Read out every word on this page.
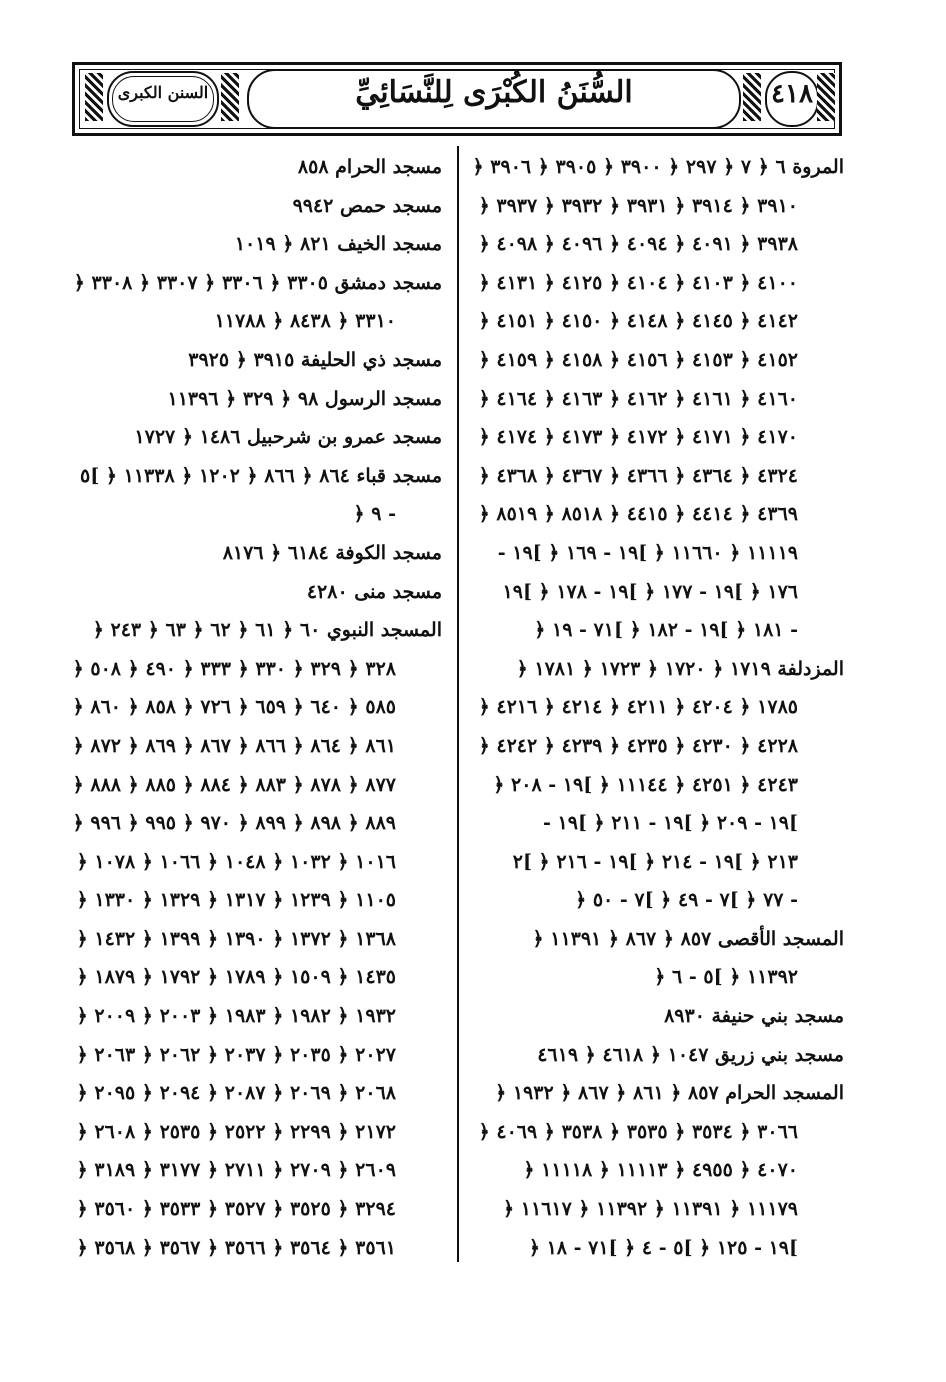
السنن الكبرى	السُّنَنُ الكُبْرَى لِلنَّسَائِيِّ	٤١٨
المروة ٦ ﴿ ٧ ﴿ ٢٩٧ ﴿ ٣٩٠٠ ﴿ ٣٩٠٥ ﴿ ٣٩٠٦ ﴿
٣٩١٠ ﴿ ٣٩١٤ ﴿ ٣٩٣١ ﴿ ٣٩٣٢ ﴿ ٣٩٣٧ ﴿
٣٩٣٨ ﴿ ٤٠٩١ ﴿ ٤٠٩٤ ﴿ ٤٠٩٦ ﴿ ٤٠٩٨ ﴿
٤١٠٠ ﴿ ٤١٠٣ ﴿ ٤١٠٤ ﴿ ٤١٢٥ ﴿ ٤١٣١ ﴿
٤١٤٢ ﴿ ٤١٤٥ ﴿ ٤١٤٨ ﴿ ٤١٥٠ ﴿ ٤١٥١ ﴿
٤١٥٢ ﴿ ٤١٥٣ ﴿ ٤١٥٦ ﴿ ٤١٥٨ ﴿ ٤١٥٩ ﴿
٤١٦٠ ﴿ ٤١٦١ ﴿ ٤١٦٢ ﴿ ٤١٦٣ ﴿ ٤١٦٤ ﴿
٤١٧٠ ﴿ ٤١٧١ ﴿ ٤١٧٢ ﴿ ٤١٧٣ ﴿ ٤١٧٤ ﴿
٤٣٢٤ ﴿ ٤٣٦٤ ﴿ ٤٣٦٦ ﴿ ٤٣٦٧ ﴿ ٤٣٦٨ ﴿
٤٣٦٩ ﴿ ٤٤١٤ ﴿ ٤٤١٥ ﴿ ٨٥١٨ ﴿ ٨٥١٩ ﴿
١١١١٩ ﴿ ١١٦٦٠ ﴿ ]١٩ - ١٦٩ ﴿ ]١٩ -
١٧٦ ﴿ ]١٩ - ١٧٧ ﴿ ]١٩ - ١٧٨ ﴿ ]١٩
- ١٨١ ﴿ ]١٩ - ١٨٢ ﴿ ]٧١ - ١٩ ﴿
المزدلفة ١٧١٩ ﴿ ١٧٢٠ ﴿ ١٧٢٣ ﴿ ١٧٨١ ﴿
١٧٨٥ ﴿ ٤٢٠٤ ﴿ ٤٢١١ ﴿ ٤٢١٤ ﴿ ٤٢١٦ ﴿
٤٢٢٨ ﴿ ٤٢٣٠ ﴿ ٤٢٣٥ ﴿ ٤٢٣٩ ﴿ ٤٢٤٢ ﴿
٤٢٤٣ ﴿ ٤٢٥١ ﴿ ١١١٤٤ ﴿ ]١٩ - ٢٠٨ ﴿
]١٩ - ٢٠٩ ﴿ ]١٩ - ٢١١ ﴿ ]١٩ -
٢١٣ ﴿ ]١٩ - ٢١٤ ﴿ ]١٩ - ٢١٦ ﴿ ]٢
- ٧٧ ﴿ ]٧ - ٤٩ ﴿ ]٧ - ٥٠ ﴿
المسجد الأقصى ٨٥٧ ﴿ ٨٦٧ ﴿ ١١٣٩١ ﴿
١١٣٩٢ ﴿ ]٥ - ٦ ﴿
مسجد بني حنيفة ٨٩٣٠
مسجد بني زريق ١٠٤٧ ﴿ ٤٦١٨ ﴿ ٤٦١٩
المسجد الحرام ٨٥٧ ﴿ ٨٦١ ﴿ ٨٦٧ ﴿ ١٩٣٢ ﴿
٣٠٦٦ ﴿ ٣٥٣٤ ﴿ ٣٥٣٥ ﴿ ٣٥٣٨ ﴿ ٤٠٦٩ ﴿
٤٠٧٠ ﴿ ٤٩٥٥ ﴿ ١١١١٣ ﴿ ١١١١٨ ﴿
١١١٧٩ ﴿ ١١٣٩١ ﴿ ١١٣٩٢ ﴿ ١١٦١٧ ﴿
]١٩ - ١٢٥ ﴿ ]٥ - ٤ ﴿ ]٧١ - ١٨ ﴿
مسجد الحرام ٨٥٨
مسجد حمص ٩٩٤٢
مسجد الخيف ٨٢١ ﴿ ١٠١٩
مسجد دمشق ٣٣٠٥ ﴿ ٣٣٠٦ ﴿ ٣٣٠٧ ﴿ ٣٣٠٨ ﴿
٣٣١٠ ﴿ ٨٤٣٨ ﴿ ١١٧٨٨
مسجد ذي الحليفة ٣٩١٥ ﴿ ٣٩٢٥
مسجد الرسول ٩٨ ﴿ ٣٢٩ ﴿ ١١٣٩٦
مسجد عمرو بن شرحبيل ١٤٨٦ ﴿ ١٧٢٧
مسجد قباء ٨٦٤ ﴿ ٨٦٦ ﴿ ١٢٠٢ ﴿ ١١٣٣٨ ﴿ ]٥
- ٩ ﴿
مسجد الكوفة ٦١٨٤ ﴿ ٨١٧٦
مسجد منى ٤٢٨٠
المسجد النبوي ٦٠ ﴿ ٦١ ﴿ ٦٢ ﴿ ٦٣ ﴿ ٢٤٣ ﴿
٣٢٨ ﴿ ٣٢٩ ﴿ ٣٣٠ ﴿ ٣٣٣ ﴿ ٤٩٠ ﴿ ٥٠٨ ﴿
٥٨٥ ﴿ ٦٤٠ ﴿ ٦٥٩ ﴿ ٧٢٦ ﴿ ٨٥٨ ﴿ ٨٦٠ ﴿
٨٦١ ﴿ ٨٦٤ ﴿ ٨٦٦ ﴿ ٨٦٧ ﴿ ٨٦٩ ﴿ ٨٧٢ ﴿
٨٧٧ ﴿ ٨٧٨ ﴿ ٨٨٣ ﴿ ٨٨٤ ﴿ ٨٨٥ ﴿ ٨٨٨ ﴿
٨٨٩ ﴿ ٨٩٨ ﴿ ٨٩٩ ﴿ ٩٧٠ ﴿ ٩٩٥ ﴿ ٩٩٦ ﴿
١٠١٦ ﴿ ١٠٣٢ ﴿ ١٠٤٨ ﴿ ١٠٦٦ ﴿ ١٠٧٨ ﴿
١١٠٥ ﴿ ١٢٣٩ ﴿ ١٣١٧ ﴿ ١٣٢٩ ﴿ ١٣٣٠ ﴿
١٣٦٨ ﴿ ١٣٧٢ ﴿ ١٣٩٠ ﴿ ١٣٩٩ ﴿ ١٤٣٢ ﴿
١٤٣٥ ﴿ ١٥٠٩ ﴿ ١٧٨٩ ﴿ ١٧٩٢ ﴿ ١٨٧٩ ﴿
١٩٣٢ ﴿ ١٩٨٢ ﴿ ١٩٨٣ ﴿ ٢٠٠٣ ﴿ ٢٠٠٩ ﴿
٢٠٢٧ ﴿ ٢٠٣٥ ﴿ ٢٠٣٧ ﴿ ٢٠٦٢ ﴿ ٢٠٦٣ ﴿
٢٠٦٨ ﴿ ٢٠٦٩ ﴿ ٢٠٨٧ ﴿ ٢٠٩٤ ﴿ ٢٠٩٥ ﴿
٢١٧٢ ﴿ ٢٢٩٩ ﴿ ٢٥٢٢ ﴿ ٢٥٣٥ ﴿ ٢٦٠٨ ﴿
٢٦٠٩ ﴿ ٢٧٠٩ ﴿ ٢٧١١ ﴿ ٣١٧٧ ﴿ ٣١٨٩ ﴿
٣٢٩٤ ﴿ ٣٥٢٥ ﴿ ٣٥٢٧ ﴿ ٣٥٣٣ ﴿ ٣٥٦٠ ﴿
٣٥٦١ ﴿ ٣٥٦٤ ﴿ ٣٥٦٦ ﴿ ٣٥٦٧ ﴿ ٣٥٦٨ ﴿
